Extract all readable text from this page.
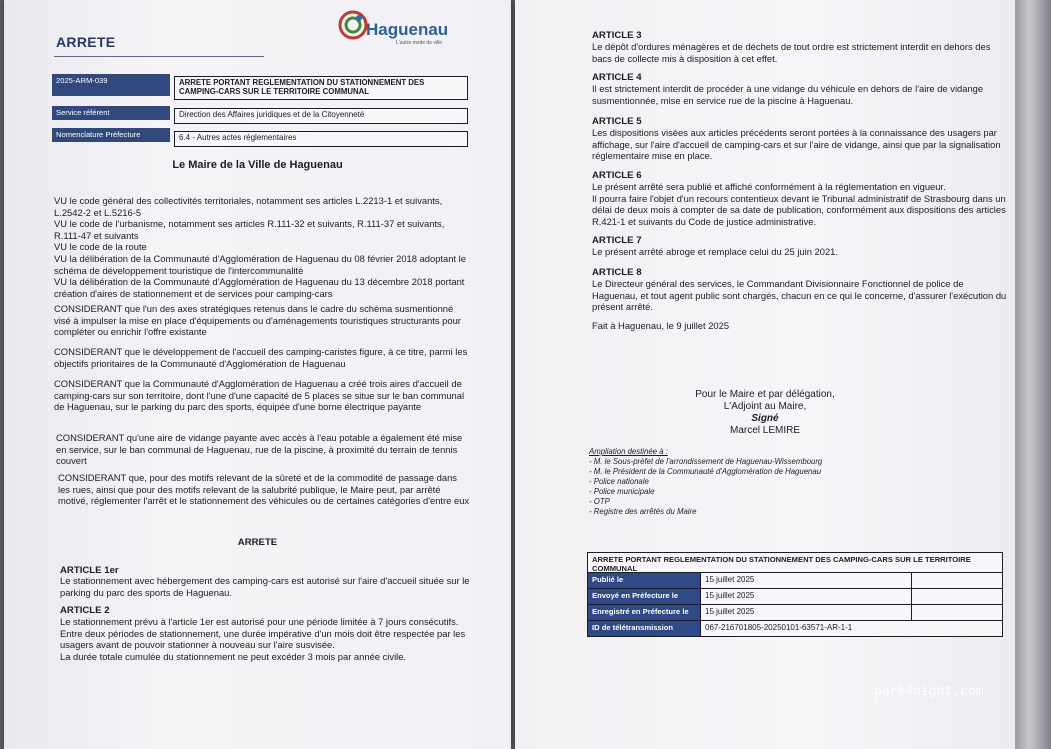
ARRETE
Haguenau
L'autre mode de ville
2025-ARM-039	ARRETE PORTANT REGLEMENTATION DU STATIONNEMENT DES CAMPING-CARS SUR LE TERRITOIRE COMMUNAL
Service référent	Direction des Affaires juridiques et de la Citoyenneté
Nomenclature Préfecture	6.4 - Autres actes réglementaires
Le Maire de la Ville de Haguenau
VU le code général des collectivités territoriales, notamment ses articles L.2213-1 et suivants, L.2542-2 et L.5216-5
VU le code de l'urbanisme, notamment ses articles R.111-32 et suivants, R.111-37 et suivants, R.111-47 et suivants
VU le code de la route
VU la délibération de la Communauté d'Agglomération de Haguenau du 08 février 2018 adoptant le schéma de développement touristique de l'intercommunalité
VU la délibération de la Communauté d'Agglomération de Haguenau du 13 décembre 2018 portant création d'aires de stationnement et de services pour camping-cars
CONSIDERANT que l'un des axes stratégiques retenus dans le cadre du schéma susmentionné visé à impulser la mise en place d'équipements ou d'aménagements touristiques structurants pour compléter ou enrichir l'offre existante
CONSIDERANT que le développement de l'accueil des camping-caristes figure, à ce titre, parmi les objectifs prioritaires de la Communauté d'Agglomération de Haguenau
CONSIDERANT que la Communauté d'Agglomération de Haguenau a créé trois aires d'accueil de camping-cars sur son territoire, dont l'une d'une capacité de 5 places se situe sur le ban communal de Haguenau, sur le parking du parc des sports, équipée d'une borne électrique payante
CONSIDERANT qu'une aire de vidange payante avec accès à l'eau potable a également été mise en service, sur le ban communal de Haguenau, rue de la piscine, à proximité du terrain de tennis couvert
CONSIDERANT que, pour des motifs relevant de la sûreté et de la commodité de passage dans les rues, ainsi que pour des motifs relevant de la salubrité publique, le Maire peut, par arrêté motivé, réglementer l'arrêt et le stationnement des véhicules ou de certaines catégories d'entre eux
ARRETE
ARTICLE 1er
Le stationnement avec hébergement des camping-cars est autorisé sur l'aire d'accueil située sur le parking du parc des sports de Haguenau.
ARTICLE 2
Le stationnement prévu à l'article 1er est autorisé pour une période limitée à 7 jours consécutifs.
Entre deux périodes de stationnement, une durée impérative d'un mois doit être respectée par les usagers avant de pouvoir stationner à nouveau sur l'aire susvisée.
La durée totale cumulée du stationnement ne peut excéder 3 mois par année civile.
ARTICLE 3
Le dépôt d'ordures ménagères et de déchets de tout ordre est strictement interdit en dehors des bacs de collecte mis à disposition à cet effet.
ARTICLE 4
Il est strictement interdit de procéder à une vidange du véhicule en dehors de l'aire de vidange susmentionnée, mise en service rue de la piscine à Haguenau.
ARTICLE 5
Les dispositions visées aux articles précédents seront portées à la connaissance des usagers par affichage, sur l'aire d'accueil de camping-cars et sur l'aire de vidange, ainsi que par la signalisation réglementaire mise en place.
ARTICLE 6
Le présent arrêté sera publié et affiché conformément à la réglementation en vigueur.
Il pourra faire l'objet d'un recours contentieux devant le Tribunal administratif de Strasbourg dans un délai de deux mois à compter de sa date de publication, conformément aux dispositions des articles R.421-1 et suivants du Code de justice administrative.
ARTICLE 7
Le présent arrêté abroge et remplace celui du 25 juin 2021.
ARTICLE 8
Le Directeur général des services, le Commandant Divisionnaire Fonctionnel de police de Haguenau, et tout agent public sont chargés, chacun en ce qui le concerne, d'assurer l'exécution du présent arrêté.
Fait à Haguenau, le 9 juillet 2025
Pour le Maire et par délégation,
L'Adjoint au Maire,
Signé
Marcel LEMIRE
Ampliation destinée à :
- M. le Sous-préfet de l'arrondissement de Haguenau-Wissembourg
- M. le Président de la Communauté d'Agglomération de Haguenau
- Police nationale
- Police municipale
- OTP
- Registre des arrêtés du Maire
ARRETE PORTANT REGLEMENTATION DU STATIONNEMENT DES CAMPING-CARS SUR LE TERRITOIRE COMMUNAL
Publié le	15 juillet 2025
Envoyé en Préfecture le	15 juillet 2025
Enregistré en Préfecture le	15 juillet 2025
ID de télétransmission	067-216701805-20250101-63571-AR-1-1
park4night.com
